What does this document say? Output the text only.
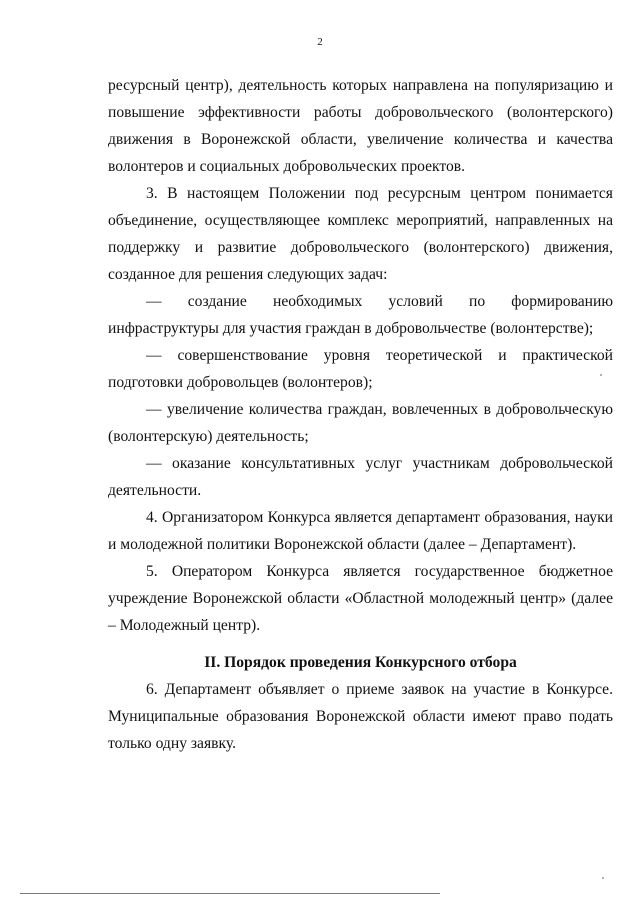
2

ресурсный центр), деятельность которых направлена на популяризацию и повышение эффективности работы добровольческого (волонтерского) движения в Воронежской области, увеличение количества и качества волонтеров и социальных добровольческих проектов.

3. В настоящем Положении под ресурсным центром понимается объединение, осуществляющее комплекс мероприятий, направленных на поддержку и развитие добровольческого (волонтерского) движения, созданное для решения следующих задач:

— создание необходимых условий по формированию инфраструктуры для участия граждан в добровольчестве (волонтерстве);

— совершенствование уровня теоретической и практической подготовки добровольцев (волонтеров);

— увеличение количества граждан, вовлеченных в добровольческую (волонтерскую) деятельность;

— оказание консультативных услуг участникам добровольческой деятельности.

4. Организатором Конкурса является департамент образования, науки и молодежной политики Воронежской области (далее – Департамент).

5. Оператором Конкурса является государственное бюджетное учреждение Воронежской области «Областной молодежный центр» (далее – Молодежный центр).

II. Порядок проведения Конкурсного отбора

6. Департамент объявляет о приеме заявок на участие в Конкурсе. Муниципальные образования Воронежской области имеют право подать только одну заявку.
